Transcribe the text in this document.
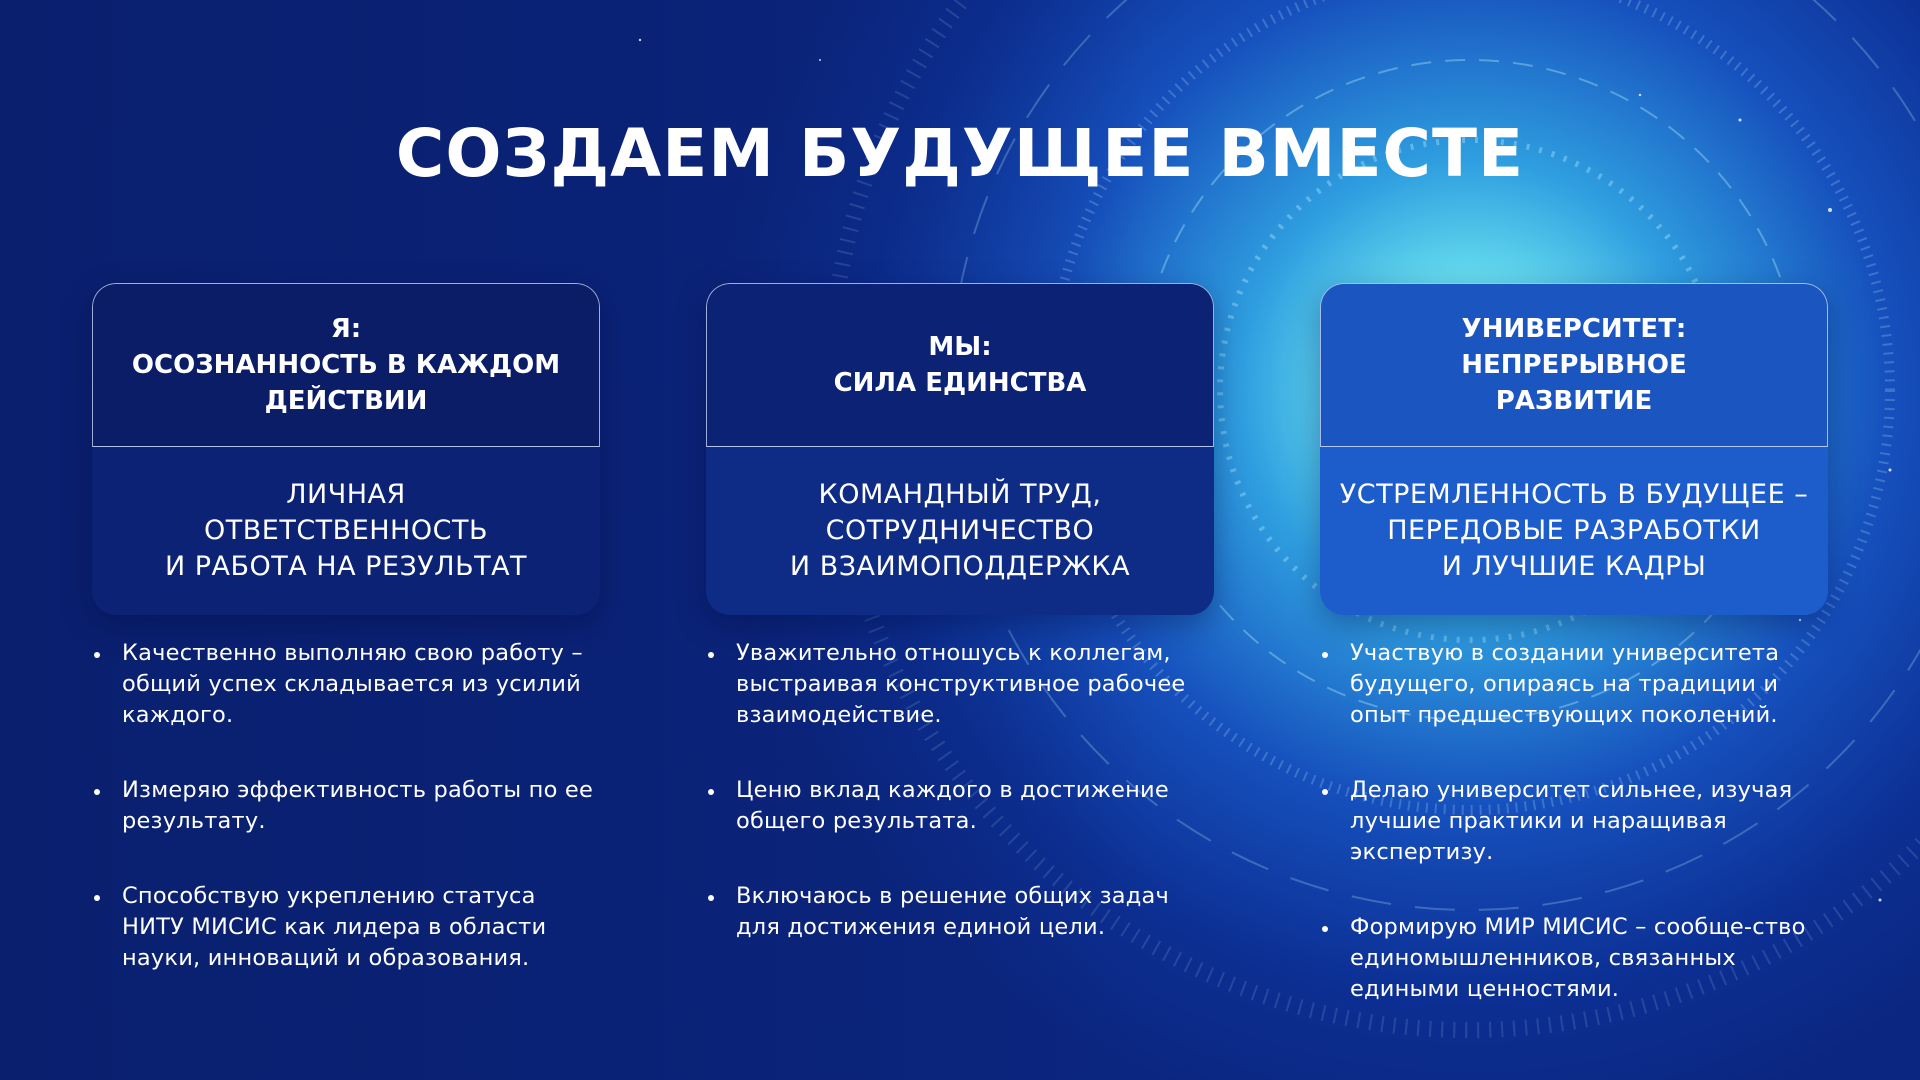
СОЗДАЕМ БУДУЩЕЕ ВМЕСТЕ
Я:
ОСОЗНАННОСТЬ В КАЖДОМ ДЕЙСТВИИ
ЛИЧНАЯ
ОТВЕТСТВЕННОСТЬ
И РАБОТА НА РЕЗУЛЬТАТ
МЫ:
СИЛА ЕДИНСТВА
КОМАНДНЫЙ ТРУД,
СОТРУДНИЧЕСТВО
И ВЗАИМОПОДДЕРЖКА
УНИВЕРСИТЕТ:
НЕПРЕРЫВНОЕ
РАЗВИТИЕ
УСТРЕМЛЕННОСТЬ В БУДУЩЕЕ –
ПЕРЕДОВЫЕ РАЗРАБОТКИ
И ЛУЧШИЕ КАДРЫ
Качественно выполняю свою работу – общий успех складывается из усилий каждого.
Измеряю эффективность работы по ее результату.
Способствую укреплению статуса НИТУ МИСИС как лидера в области науки, инноваций и образования.
Уважительно отношусь к коллегам, выстраивая конструктивное рабочее взаимодействие.
Ценю вклад каждого в достижение общего результата.
Включаюсь в решение общих задач для достижения единой цели.
Участвую в создании университета будущего, опираясь на традиции и опыт предшествующих поколений.
Делаю университет сильнее, изучая лучшие практики и наращивая экспертизу.
Формирую МИР МИСИС – сообще-ство единомышленников, связанных едиными ценностями.
